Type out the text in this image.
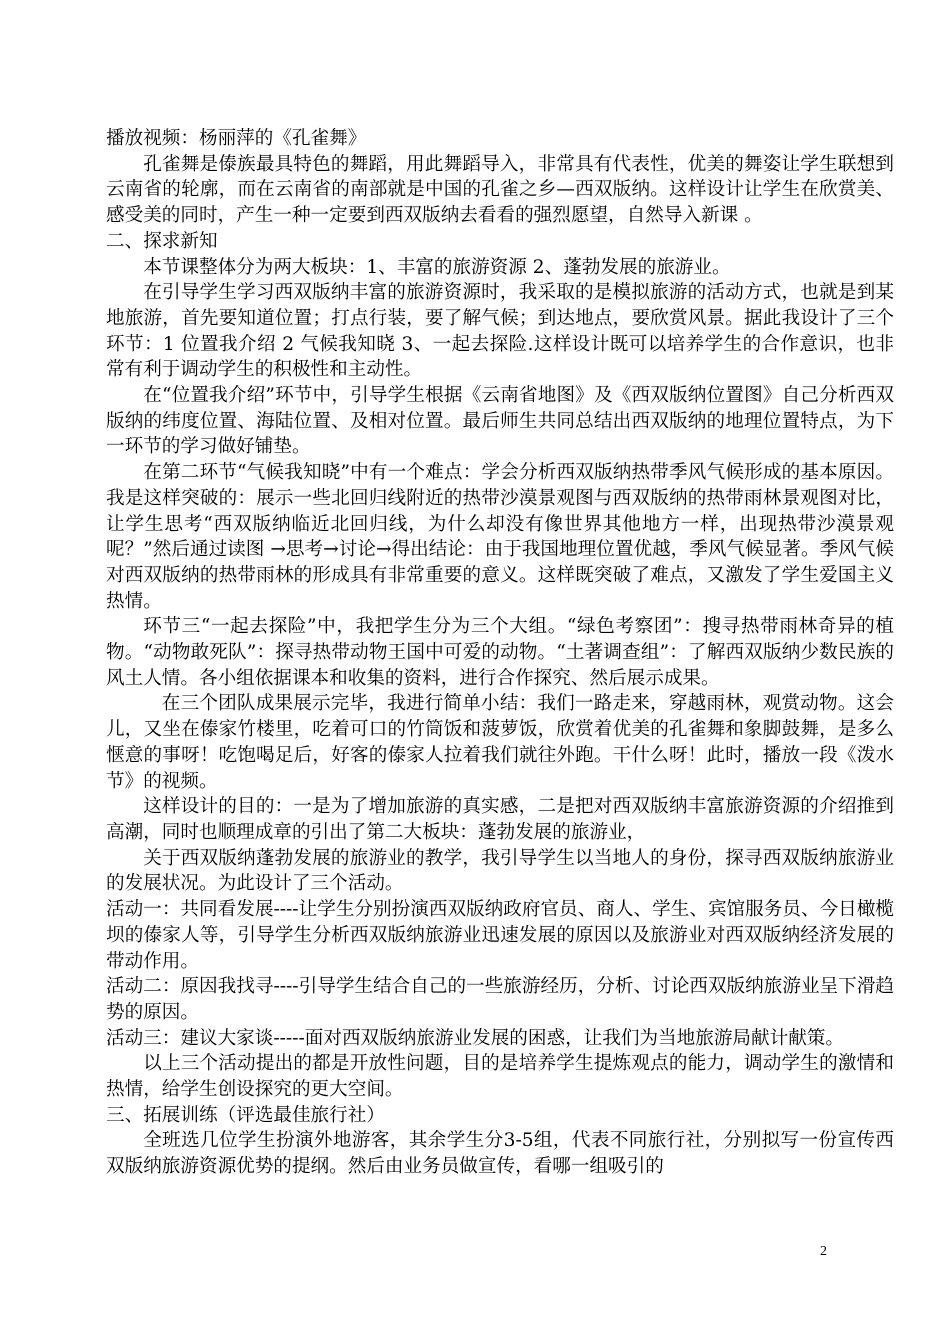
播放视频：杨丽萍的《孔雀舞》

孔雀舞是傣族最具特色的舞蹈，用此舞蹈导入，非常具有代表性，优美的舞姿让学生联想到云南省的轮廓，而在云南省的南部就是中国的孔雀之乡—西双版纳。这样设计让学生在欣赏美、感受美的同时，产生一种一定要到西双版纳去看看的强烈愿望，自然导入新课 。

二、探求新知

本节课整体分为两大板块：1、丰富的旅游资源 2、蓬勃发展的旅游业。

在引导学生学习西双版纳丰富的旅游资源时，我采取的是模拟旅游的活动方式，也就是到某地旅游，首先要知道位置；打点行装，要了解气候；到达地点，要欣赏风景。据此我设计了三个环节：1 位置我介绍 2 气候我知晓 3、一起去探险.这样设计既可以培养学生的合作意识，也非常有利于调动学生的积极性和主动性。

在“位置我介绍”环节中，引导学生根据《云南省地图》及《西双版纳位置图》自己分析西双版纳的纬度位置、海陆位置、及相对位置。最后师生共同总结出西双版纳的地理位置特点，为下一环节的学习做好铺垫。

在第二环节“气候我知晓”中有一个难点：学会分析西双版纳热带季风气候形成的基本原因。我是这样突破的：展示一些北回归线附近的热带沙漠景观图与西双版纳的热带雨林景观图对比，让学生思考“西双版纳临近北回归线，为什么却没有像世界其他地方一样，出现热带沙漠景观呢？”然后通过读图 →思考→讨论→得出结论：由于我国地理位置优越，季风气候显著。季风气候对西双版纳的热带雨林的形成具有非常重要的意义。这样既突破了难点，又激发了学生爱国主义热情。

环节三“一起去探险”中，我把学生分为三个大组。“绿色考察团”：搜寻热带雨林奇异的植物。“动物敢死队”：探寻热带动物王国中可爱的动物。“土著调查组”：了解西双版纳少数民族的风土人情。各小组依据课本和收集的资料，进行合作探究、然后展示成果。

在三个团队成果展示完毕，我进行简单小结：我们一路走来，穿越雨林，观赏动物。这会儿，又坐在傣家竹楼里，吃着可口的竹筒饭和菠萝饭，欣赏着优美的孔雀舞和象脚鼓舞，是多么惬意的事呀！吃饱喝足后，好客的傣家人拉着我们就往外跑。干什么呀！此时，播放一段《泼水节》的视频。

这样设计的目的：一是为了增加旅游的真实感，二是把对西双版纳丰富旅游资源的介绍推到高潮，同时也顺理成章的引出了第二大板块：蓬勃发展的旅游业，

关于西双版纳蓬勃发展的旅游业的教学，我引导学生以当地人的身份，探寻西双版纳旅游业的发展状况。为此设计了三个活动。

活动一：共同看发展----让学生分别扮演西双版纳政府官员、商人、学生、宾馆服务员、今日橄榄坝的傣家人等，引导学生分析西双版纳旅游业迅速发展的原因以及旅游业对西双版纳经济发展的带动作用。

活动二：原因我找寻----引导学生结合自己的一些旅游经历，分析、讨论西双版纳旅游业呈下滑趋势的原因。

活动三：建议大家谈-----面对西双版纳旅游业发展的困惑，让我们为当地旅游局献计献策。

以上三个活动提出的都是开放性问题，目的是培养学生提炼观点的能力，调动学生的激情和热情，给学生创设探究的更大空间。

三、拓展训练（评选最佳旅行社）

全班选几位学生扮演外地游客，其余学生分3-5组，代表不同旅行社，分别拟写一份宣传西双版纳旅游资源优势的提纲。然后由业务员做宣传，看哪一组吸引的

2
